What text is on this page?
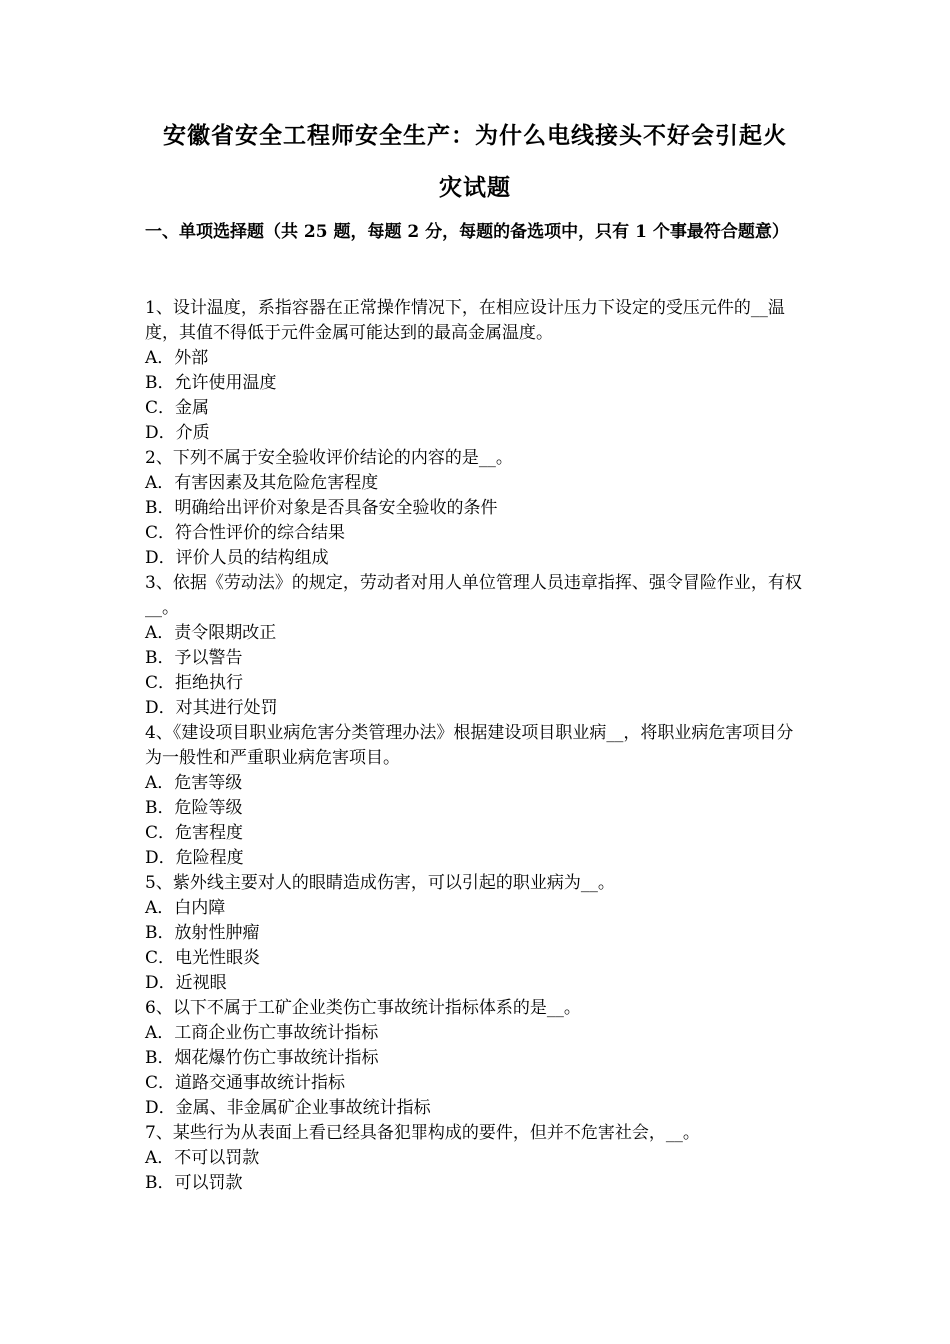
安徽省安全工程师安全生产：为什么电线接头不好会引起火
灾试题
一、单项选择题（共 25 题，每题 2 分，每题的备选项中，只有 1 个事最符合题意）

1、设计温度，系指容器在正常操作情况下，在相应设计压力下设定的受压元件的__温度，其值不得低于元件金属可能达到的最高金属温度。

A．外部

B．允许使用温度

C．金属

D．介质

2、下列不属于安全验收评价结论的内容的是__。

A．有害因素及其危险危害程度

B．明确给出评价对象是否具备安全验收的条件

C．符合性评价的综合结果

D．评价人员的结构组成

3、依据《劳动法》的规定，劳动者对用人单位管理人员违章指挥、强令冒险作业，有权__。

A．责令限期改正

B．予以警告

C．拒绝执行

D．对其进行处罚

4、《建设项目职业病危害分类管理办法》根据建设项目职业病__，将职业病危害项目分为一般性和严重职业病危害项目。

A．危害等级

B．危险等级

C．危害程度

D．危险程度

5、紫外线主要对人的眼睛造成伤害，可以引起的职业病为__。

A．白内障

B．放射性肿瘤

C．电光性眼炎

D．近视眼

6、以下不属于工矿企业类伤亡事故统计指标体系的是__。

A．工商企业伤亡事故统计指标

B．烟花爆竹伤亡事故统计指标

C．道路交通事故统计指标

D．金属、非金属矿企业事故统计指标

7、某些行为从表面上看已经具备犯罪构成的要件，但并不危害社会，__。

A．不可以罚款

B．可以罚款
